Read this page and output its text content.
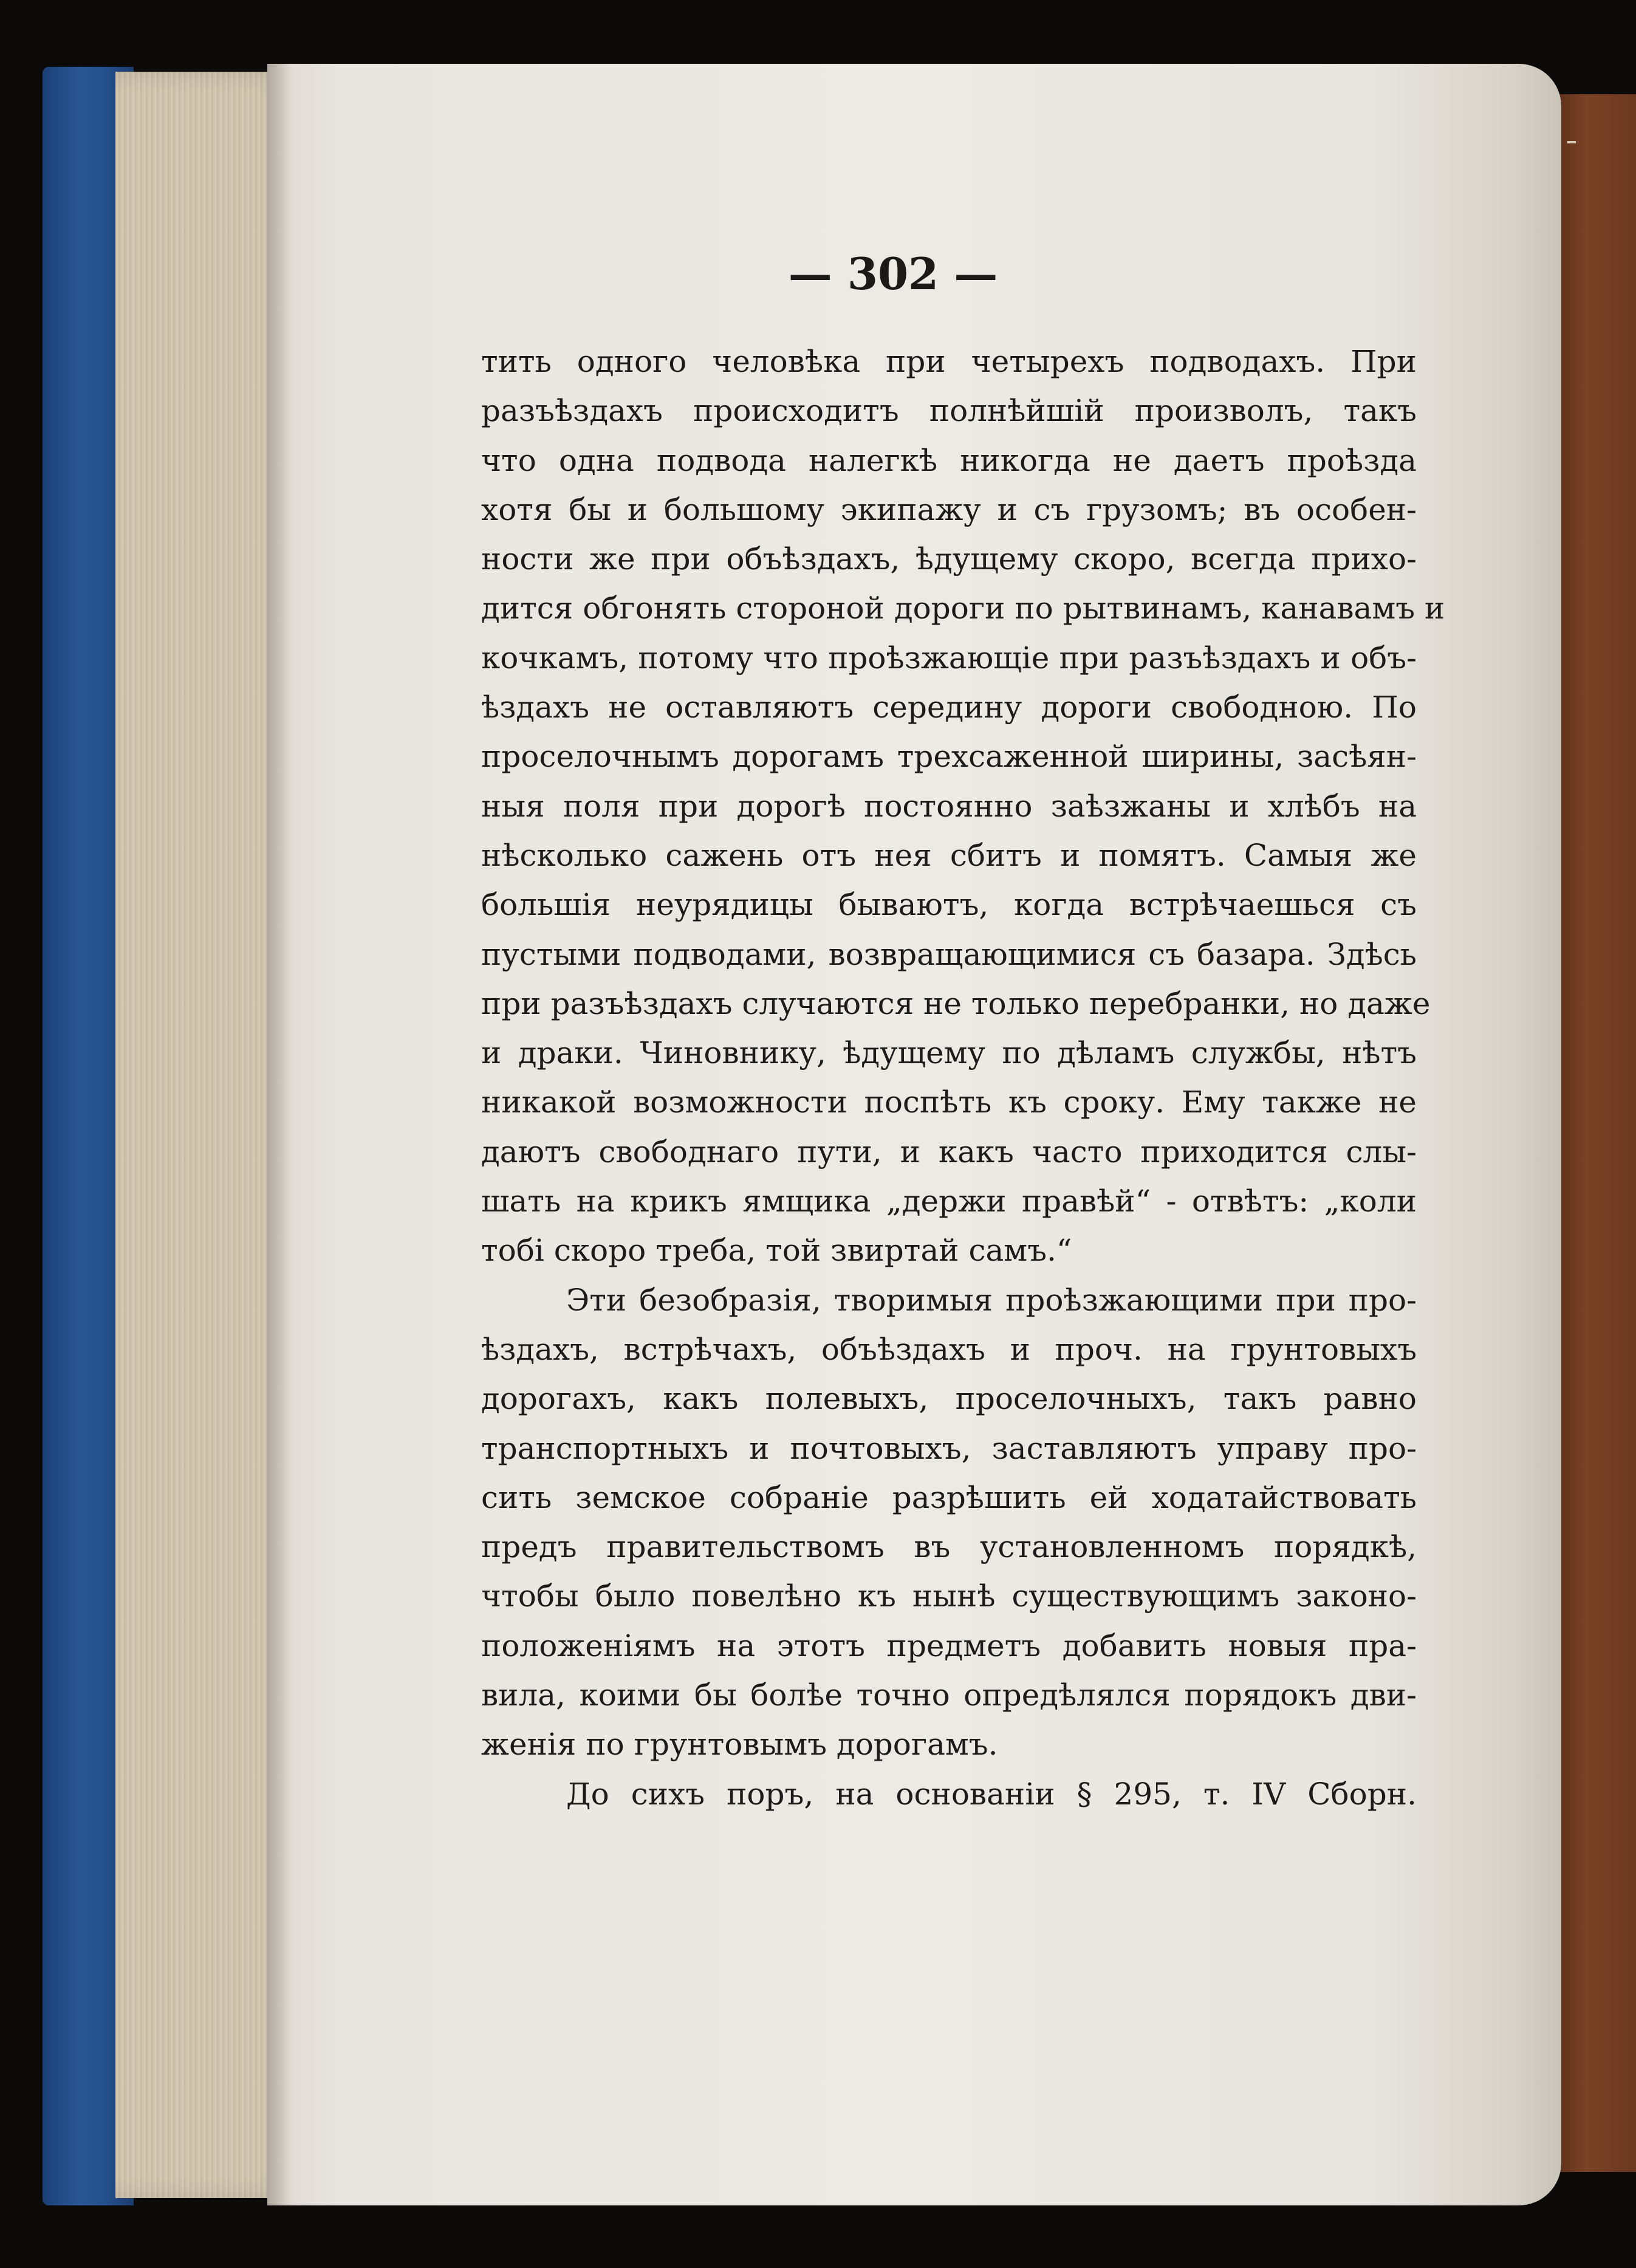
— 302 —
тить одного человѣка при четырехъ подводахъ. При
разъѣздахъ происходитъ полнѣйшій произволъ, такъ
что одна подвода налегкѣ никогда не даетъ проѣзда
хотя бы и большому экипажу и съ грузомъ; въ особен-
ности же при объѣздахъ, ѣдущему скоро, всегда прихо-
дится обгонять стороной дороги по рытвинамъ, канавамъ и
кочкамъ, потому что проѣзжающіе при разъѣздахъ и объ-
ѣздахъ не оставляютъ середину дороги свободною. По
проселочнымъ дорогамъ трехсаженной ширины, засѣян-
ныя поля при дорогѣ постоянно заѣзжаны и хлѣбъ на
нѣсколько сажень отъ нея сбитъ и помятъ. Самыя же
большія неурядицы бываютъ, когда встрѣчаешься съ
пустыми подводами, возвращающимися съ базара. Здѣсь
при разъѣздахъ случаются не только перебранки, но даже
и драки. Чиновнику, ѣдущему по дѣламъ службы, нѣтъ
никакой возможности поспѣть къ сроку. Ему также не
даютъ свободнаго пути, и какъ часто приходится слы-
шать на крикъ ямщика „держи правѣй“ - отвѣтъ: „коли
тобі скоро треба, той звиртай самъ.“
Эти безобразія, творимыя проѣзжающими при про-
ѣздахъ, встрѣчахъ, объѣздахъ и проч. на грунтовыхъ
дорогахъ, какъ полевыхъ, проселочныхъ, такъ равно
транспортныхъ и почтовыхъ, заставляютъ управу про-
сить земское собраніе разрѣшить ей ходатайствовать
предъ правительствомъ въ установленномъ порядкѣ,
чтобы было повелѣно къ нынѣ существующимъ законо-
положеніямъ на этотъ предметъ добавить новыя пра-
вила, коими бы болѣе точно опредѣлялся порядокъ дви-
женія по грунтовымъ дорогамъ.
До сихъ поръ, на основаніи § 295, т. IV Сборн.
